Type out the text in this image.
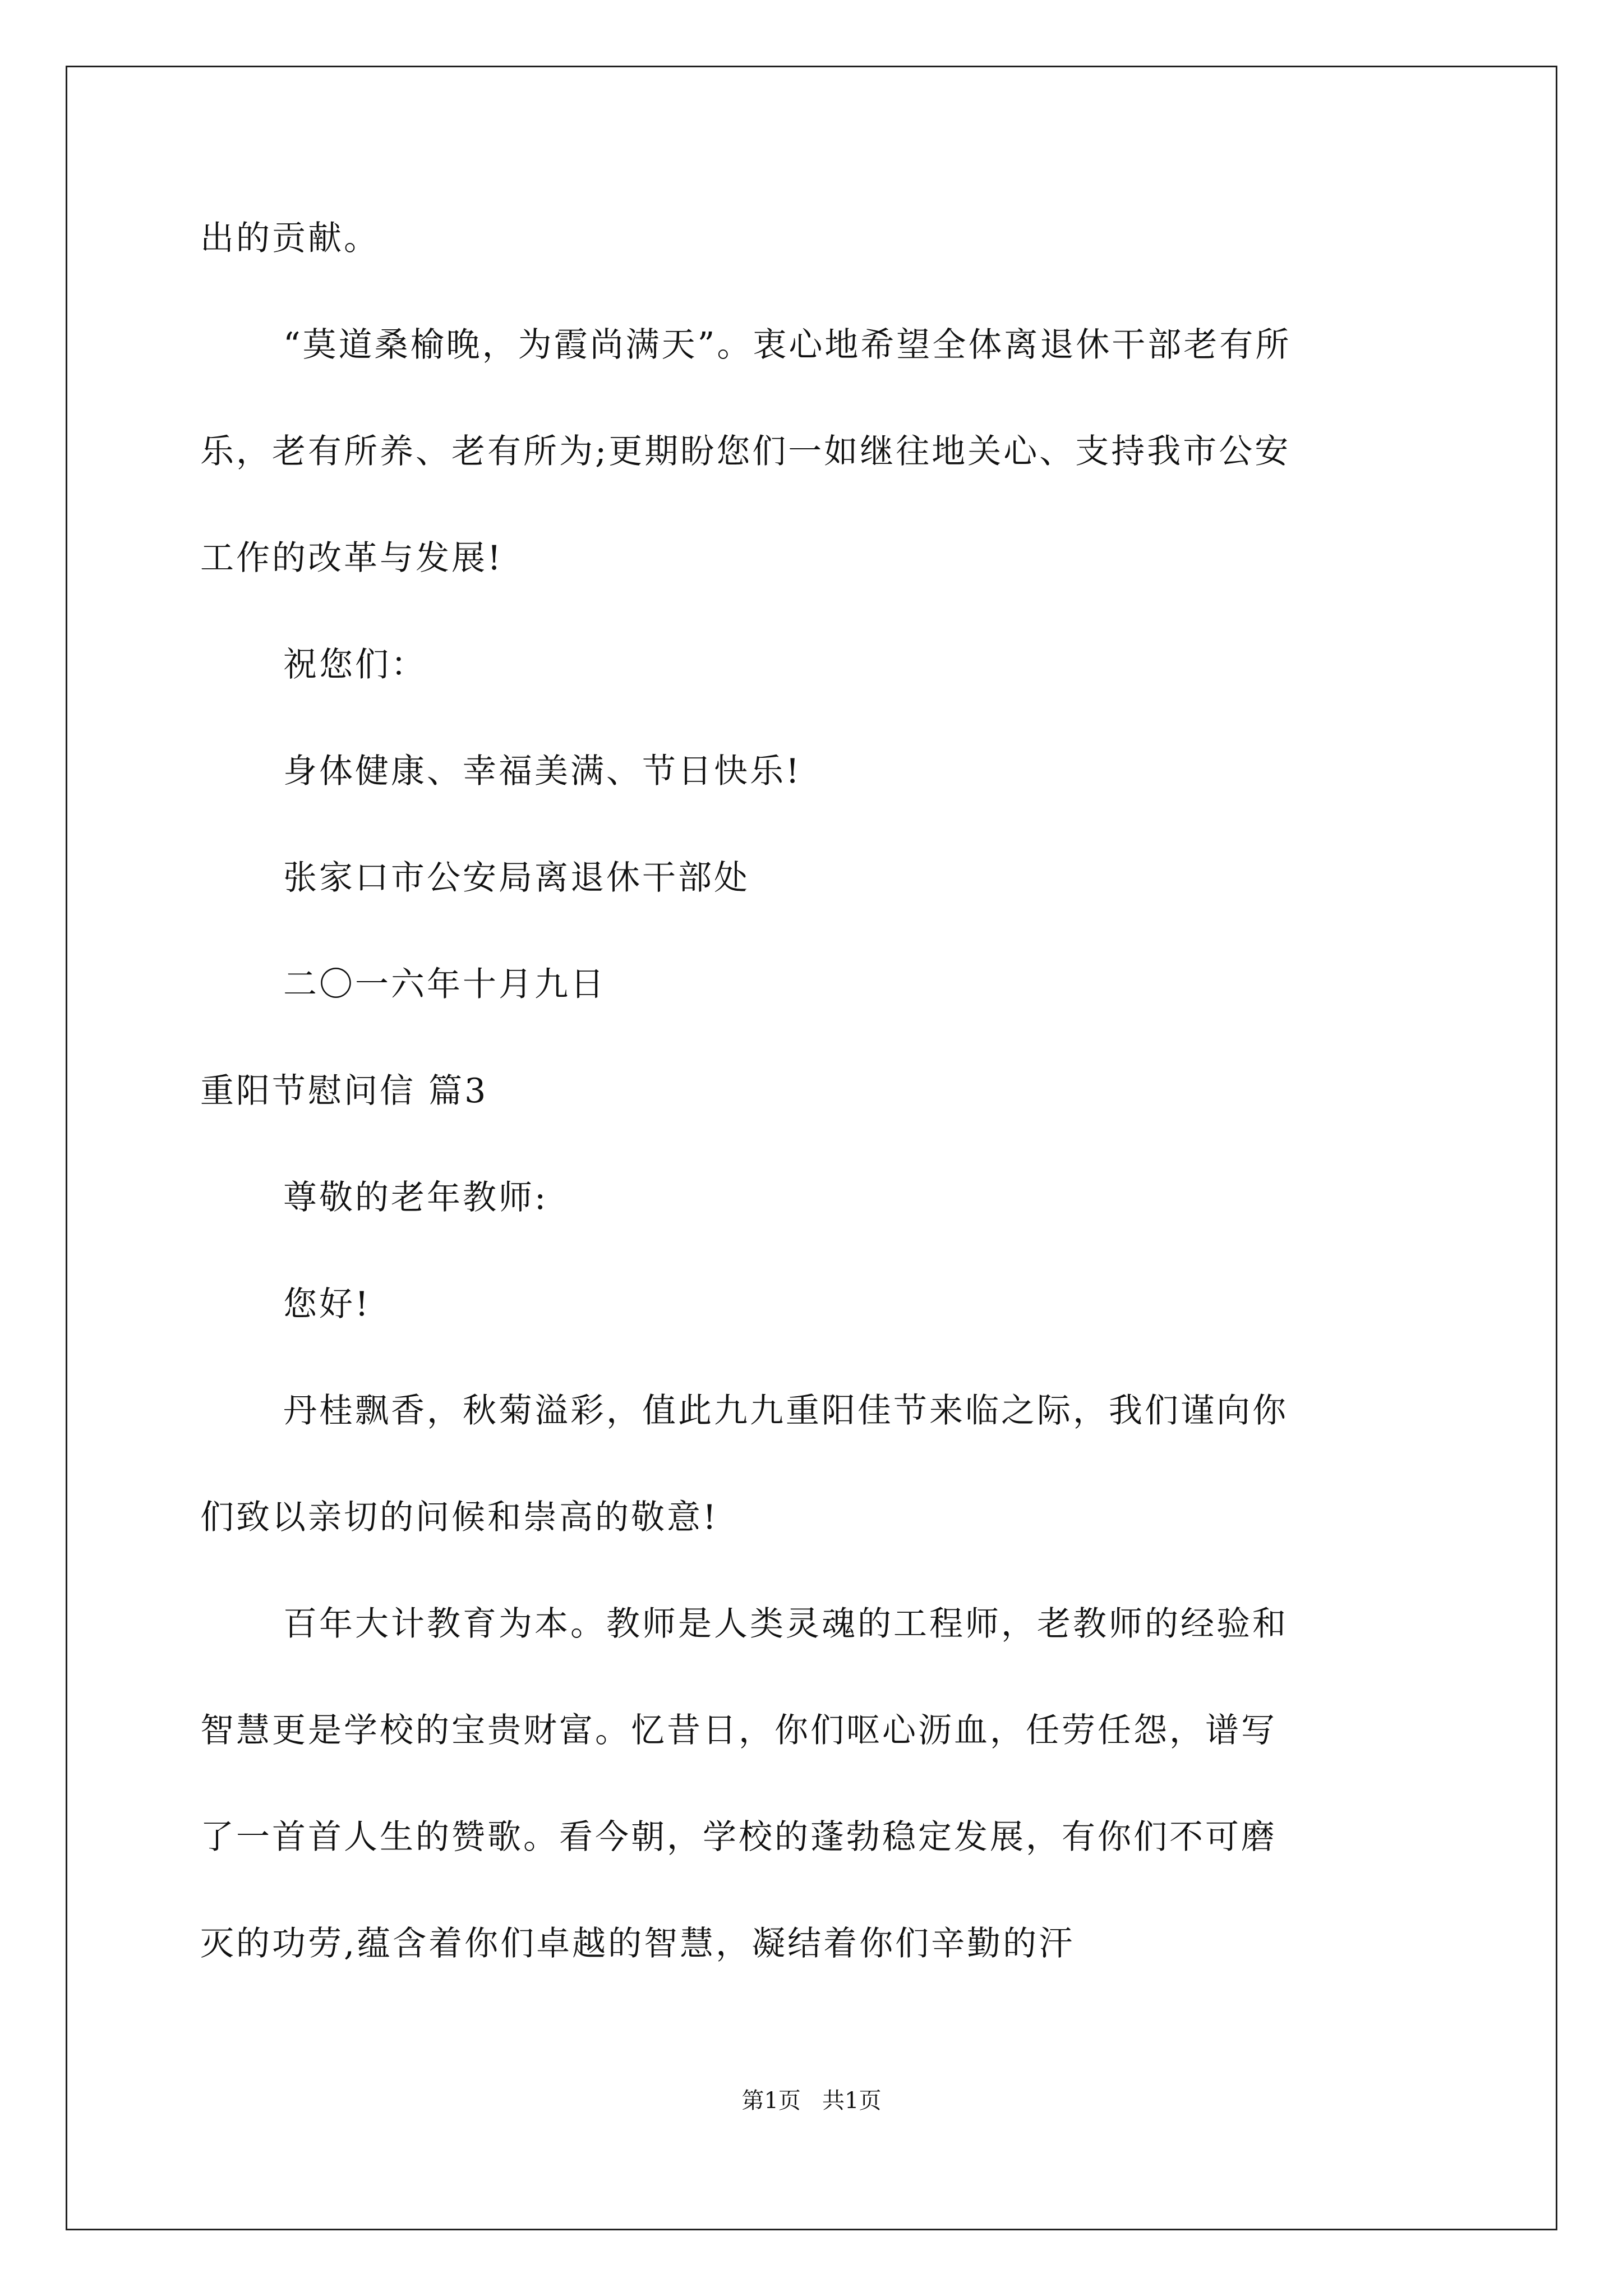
出的贡献。
“莫道桑榆晚，为霞尚满天”。衷心地希望全体离退休干部老有所
乐，老有所养、老有所为;更期盼您们一如继往地关心、支持我市公安
工作的改革与发展!
祝您们：
身体健康、幸福美满、节日快乐!
张家口市公安局离退休干部处
二〇一六年十月九日
重阳节慰问信 篇3
尊敬的老年教师:
您好!
丹桂飘香，秋菊溢彩，值此九九重阳佳节来临之际，我们谨向你
们致以亲切的问候和崇高的敬意!
百年大计教育为本。教师是人类灵魂的工程师，老教师的经验和
智慧更是学校的宝贵财富。忆昔日，你们呕心沥血，任劳任怨，谱写
了一首首人生的赞歌。看今朝，学校的蓬勃稳定发展，有你们不可磨
灭的功劳,蕴含着你们卓越的智慧，凝结着你们辛勤的汗
第1页   共1页
